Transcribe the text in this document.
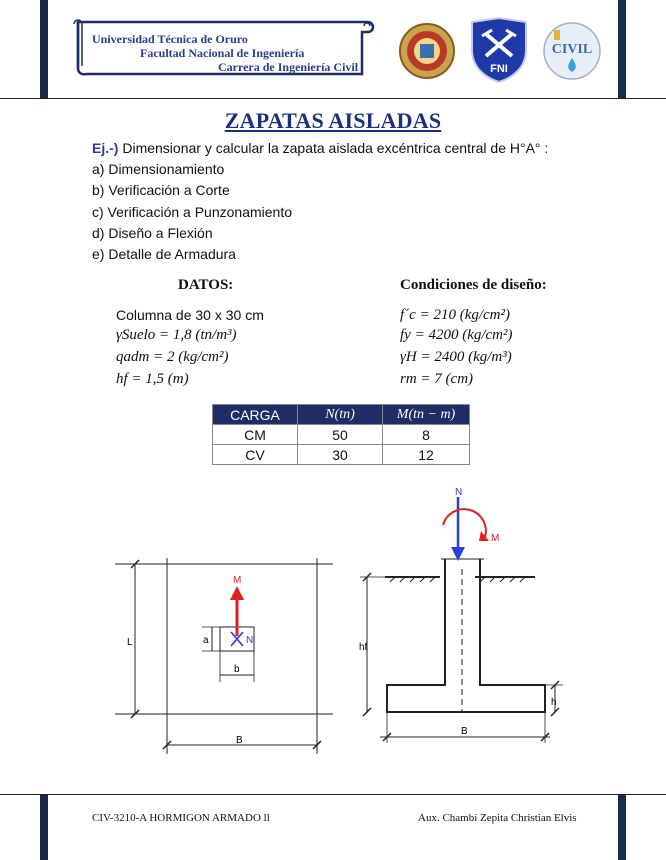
Universidad Técnica de Oruro
Facultad Nacional de Ingeniería
Carrera de Ingeniería Civil	FNI
CIVIL
ZAPATAS AISLADAS
Ej.-) Dimensionar y calcular la zapata aislada excéntrica central de H°A° :
a) Dimensionamiento
b) Verificación a Corte
c) Verificación a Punzonamiento
d) Diseño a Flexión
e) Detalle de Armadura
DATOS:	Condiciones de diseño:
Columna de 30 x 30 cm
γSuelo = 1,8 (tn/m³)
qadm = 2 (kg/cm²)
hf = 1,5 (m)
f´c = 210 (kg/cm²)
fy = 4200 (kg/cm²)
γH = 2400 (kg/m³)
rm = 7 (cm)
CARGA	N(tn)	M(tn − m)
CM	50	8
CV	30	12
L
B
a
b
N
M
N
M
hf
h
B
CIV-3210-A HORMIGON ARMADO ll	Aux. Chambi Zepita Christian Elvis
